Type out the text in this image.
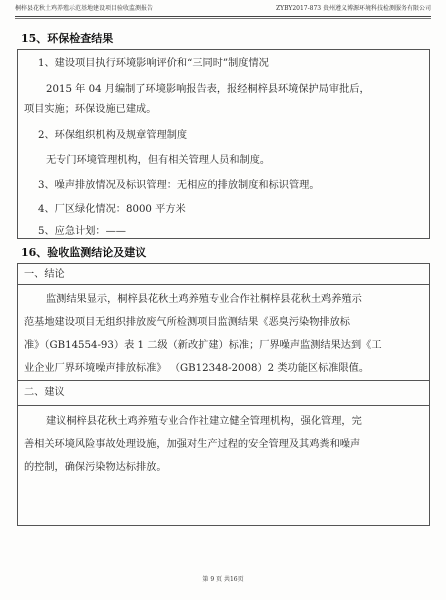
桐梓县花秋土鸡养殖示范基地建设项目验收监测报告	ZYBY2017-873 贵州遵义博源环境科技检测服务有限公司
15、环保检查结果
1、建设项目执行环境影响评价和“三同时”制度情况
2015 年 04 月编制了环境影响报告表，报经桐梓县环境保护局审批后，
项目实施；环保设施已建成。
2、环保组织机构及规章管理制度
无专门环境管理机构，但有相关管理人员和制度。
3、噪声排放情况及标识管理：无相应的排放制度和标识管理。
4、厂区绿化情况：8000 平方米
5、应急计划：——
16、验收监测结论及建议
一、结论
监测结果显示，桐梓县花秋土鸡养殖专业合作社桐梓县花秋土鸡养殖示
范基地建设项目无组织排放废气所检测项目监测结果《恶臭污染物排放标
准》（GB14554-93）表 1 二级（新改扩建）标准；厂界噪声监测结果达到《工
业企业厂界环境噪声排放标准》 （GB12348-2008）2 类功能区标准限值。
二、建议
建议桐梓县花秋土鸡养殖专业合作社建立健全管理机构，强化管理，完
善相关环境风险事故处理设施，加强对生产过程的安全管理及其鸡粪和噪声
的控制，确保污染物达标排放。
第 9 页 共16页
